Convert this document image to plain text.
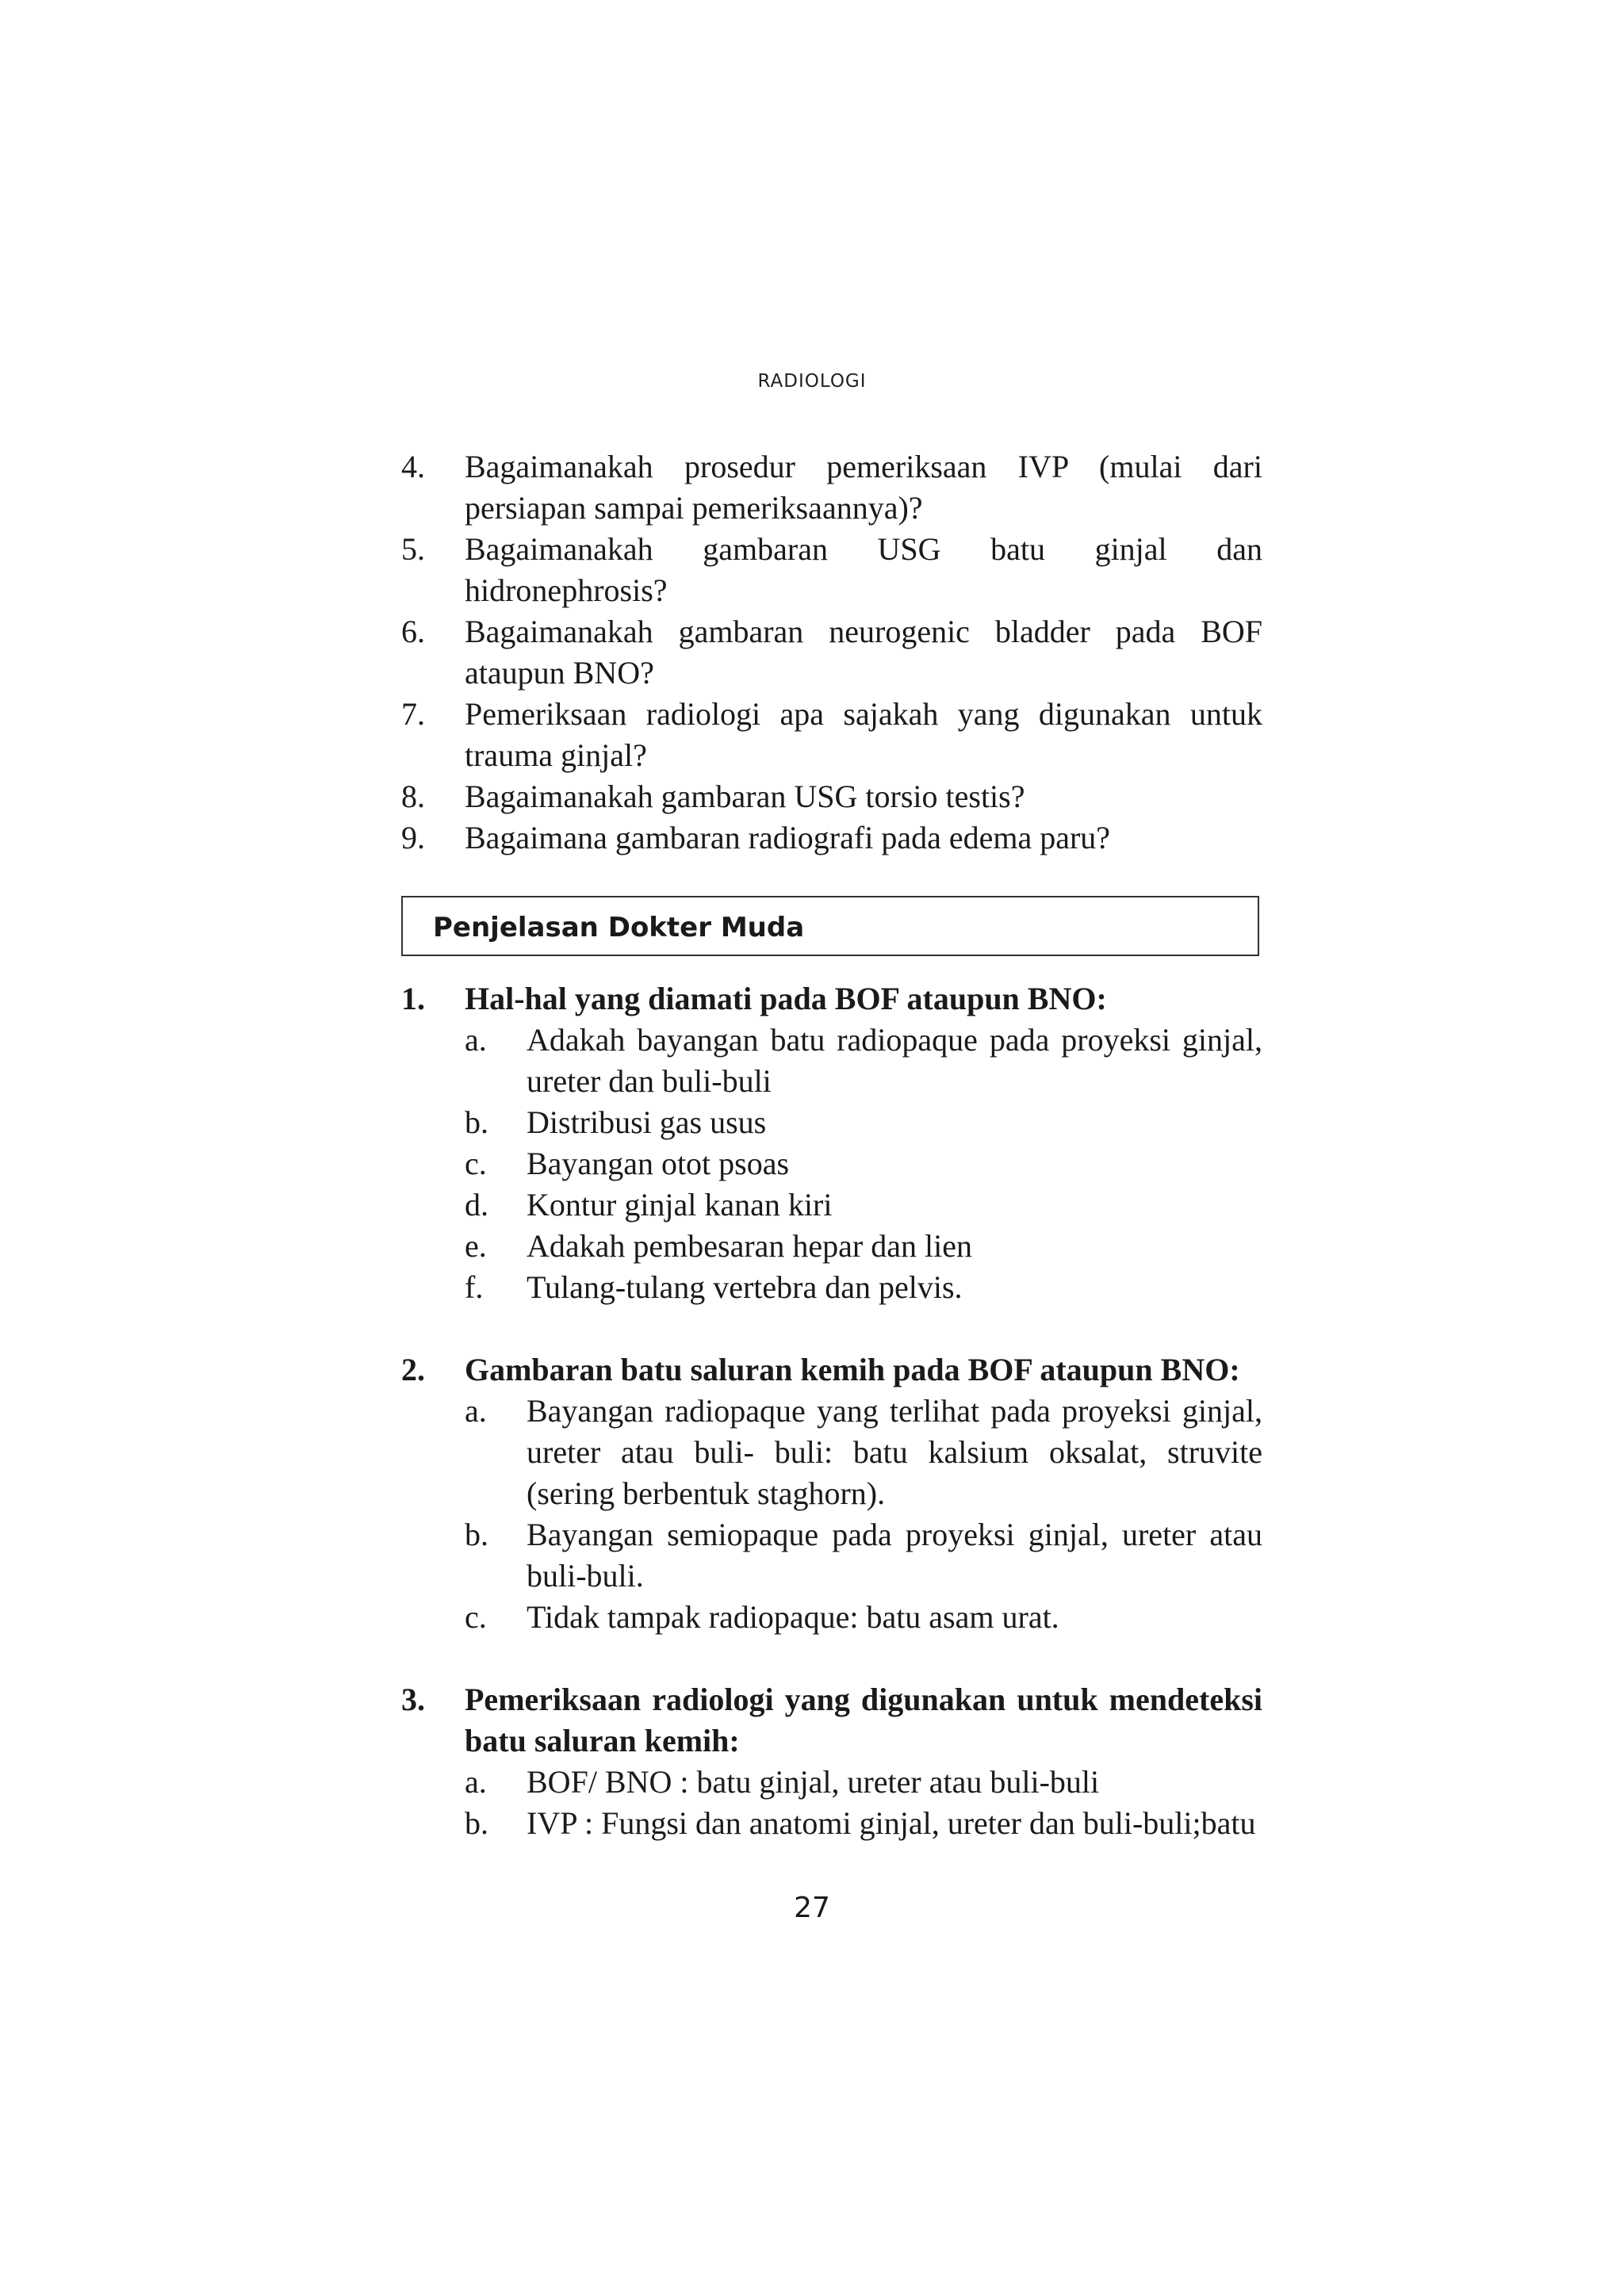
RADIOLOGI
4. Bagaimanakah prosedur pemeriksaan IVP (mulai dari persiapan sampai pemeriksaannya)?
5. Bagaimanakah gambaran USG batu ginjal dan hidronephrosis?
6. Bagaimanakah gambaran neurogenic bladder pada BOF ataupun BNO?
7. Pemeriksaan radiologi apa sajakah yang digunakan untuk trauma ginjal?
8. Bagaimanakah gambaran USG torsio testis?
9. Bagaimana gambaran radiografi pada edema paru?
Penjelasan Dokter Muda
1. Hal-hal yang diamati pada BOF ataupun BNO:
a. Adakah bayangan batu radiopaque pada proyeksi ginjal, ureter dan buli-buli
b. Distribusi gas usus
c. Bayangan otot psoas
d. Kontur ginjal kanan kiri
e. Adakah pembesaran hepar dan lien
f. Tulang-tulang vertebra dan pelvis.
2. Gambaran batu saluran kemih pada BOF ataupun BNO:
a. Bayangan radiopaque yang terlihat pada proyeksi ginjal, ureter atau buli- buli: batu kalsium oksalat, struvite (sering berbentuk staghorn).
b. Bayangan semiopaque pada proyeksi ginjal, ureter atau buli-buli.
c. Tidak tampak radiopaque: batu asam urat.
3. Pemeriksaan radiologi yang digunakan untuk mendeteksi batu saluran kemih:
a. BOF/ BNO : batu ginjal, ureter atau buli-buli
b. IVP : Fungsi dan anatomi ginjal, ureter dan buli-buli;batu
27
